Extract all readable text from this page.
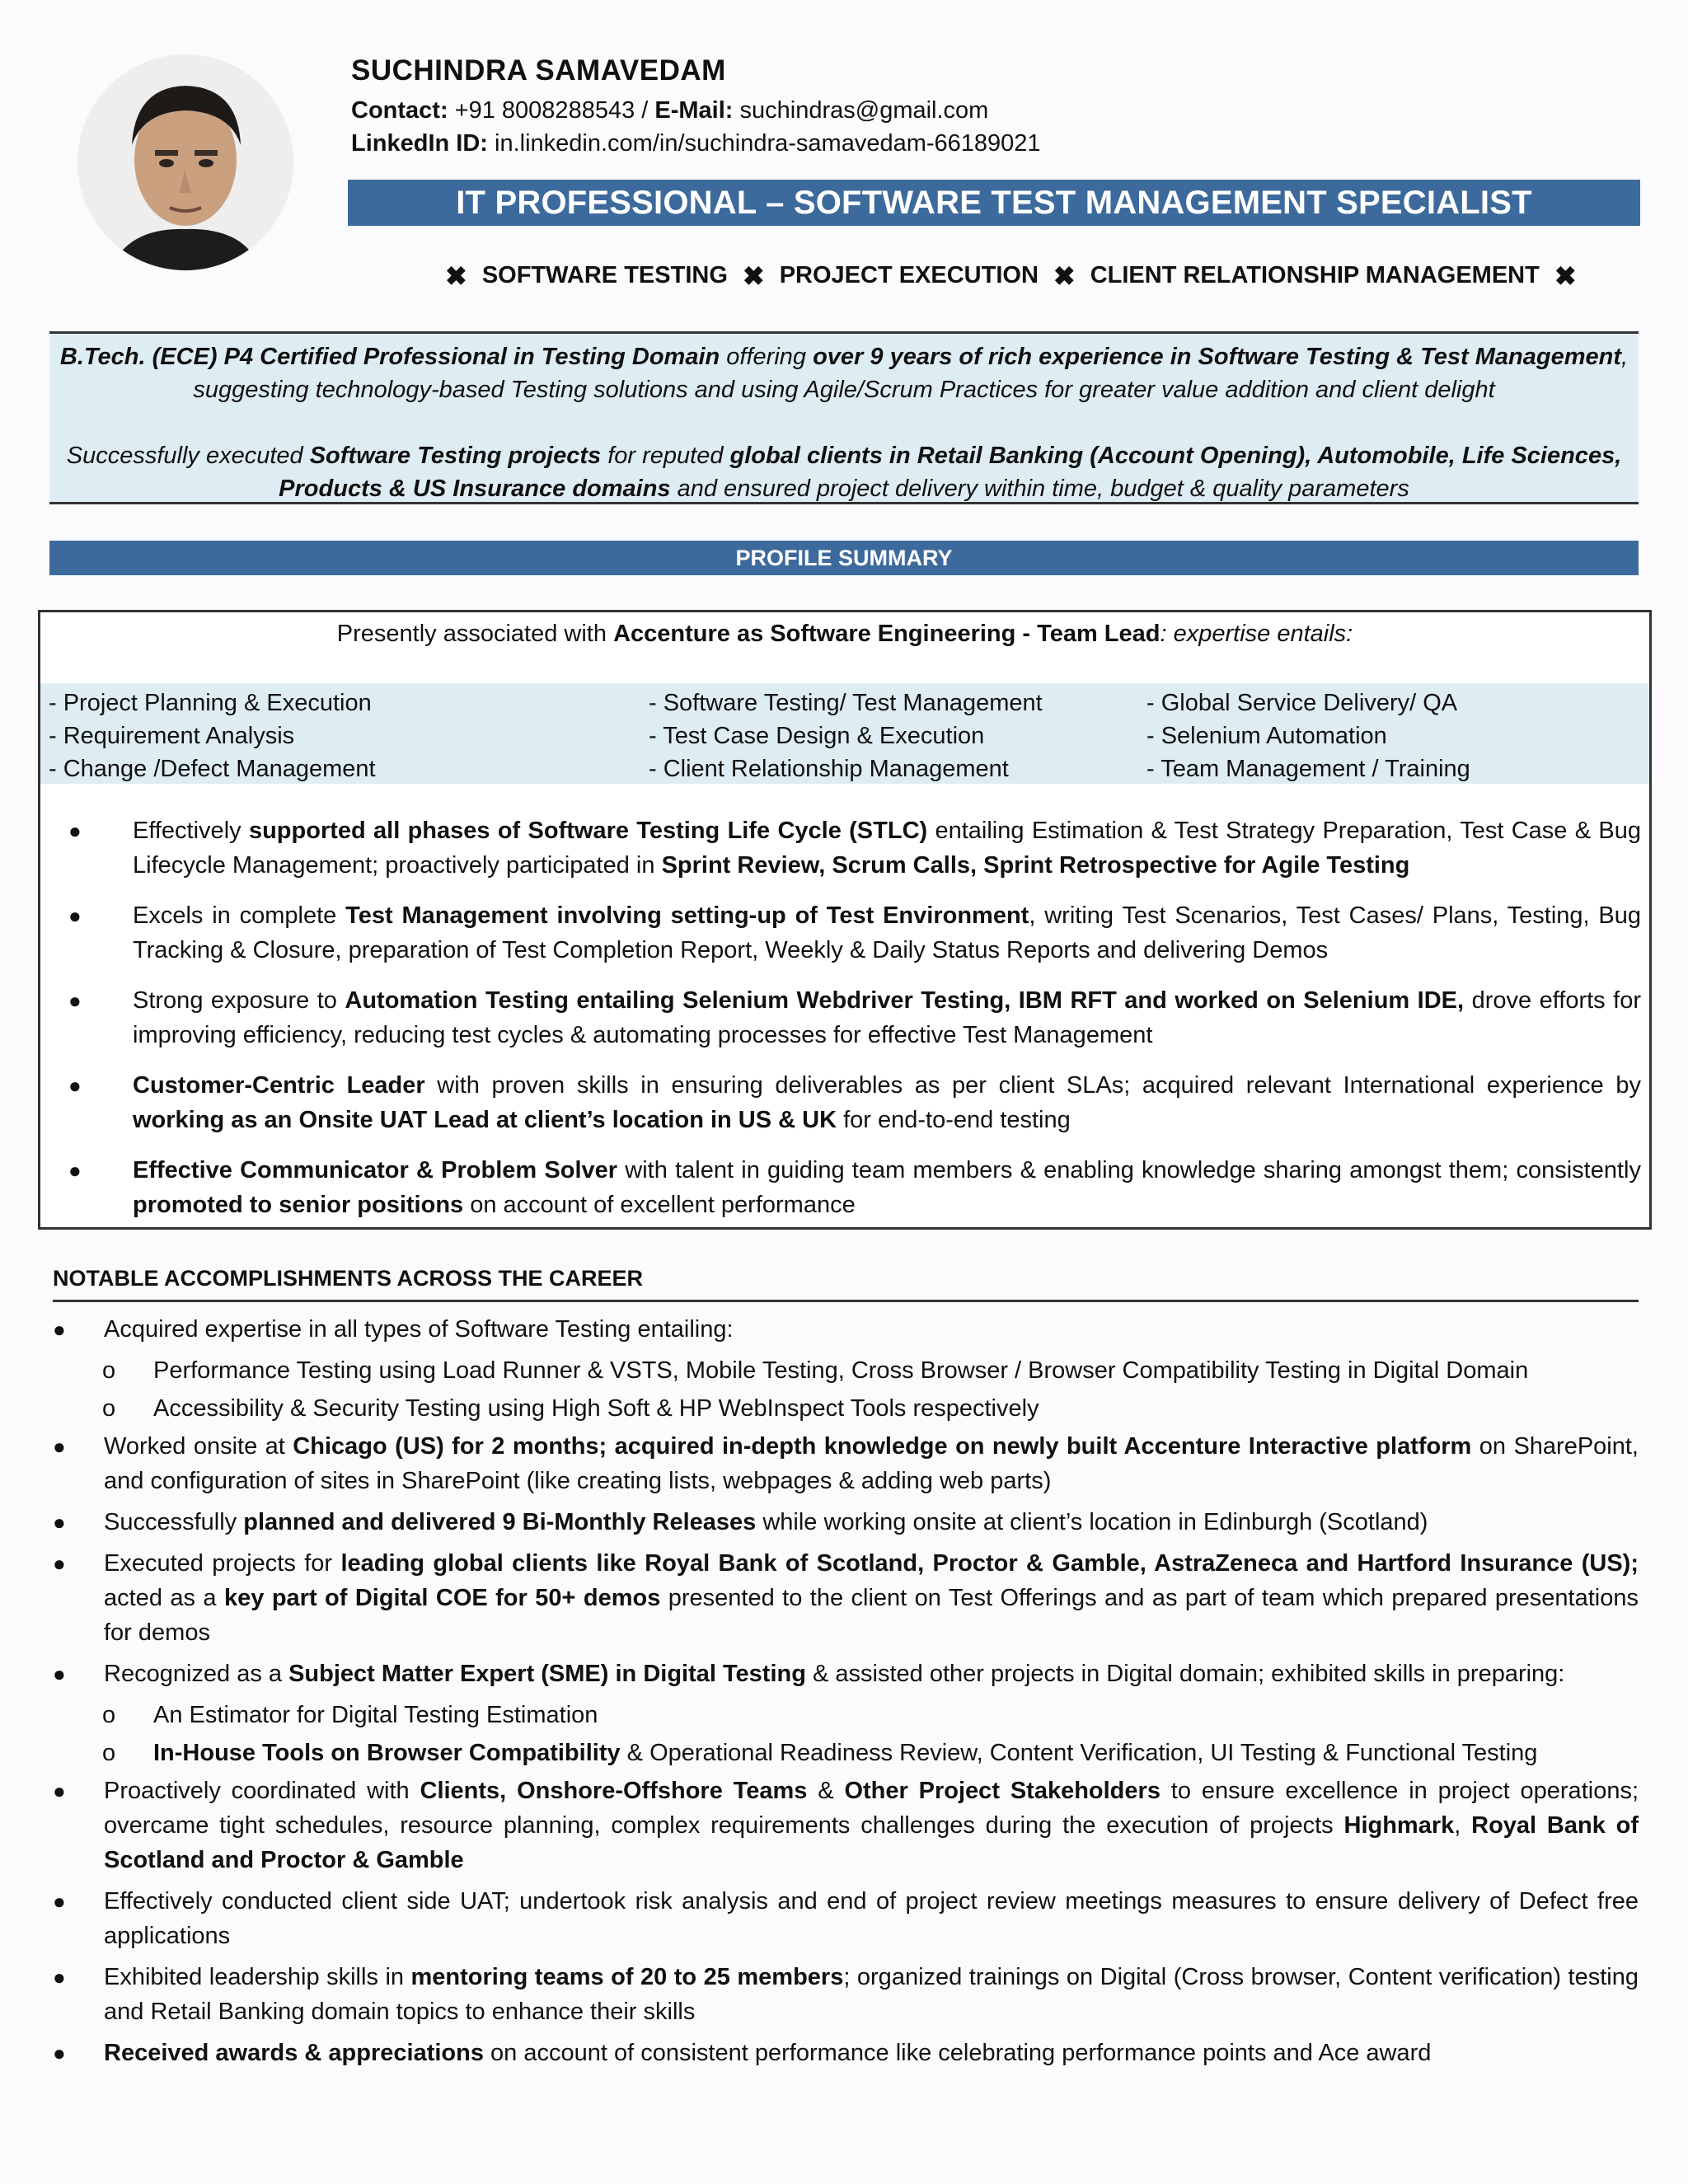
SUCHINDRA SAMAVEDAM
Contact: +91 8008288543 / E-Mail: suchindras@gmail.com
LinkedIn ID: in.linkedin.com/in/suchindra-samavedam-66189021
IT PROFESSIONAL – SOFTWARE TEST MANAGEMENT SPECIALIST
✖ SOFTWARE TESTING ✖ PROJECT EXECUTION ✖ CLIENT RELATIONSHIP MANAGEMENT ✖

B.Tech. (ECE) P4 Certified Professional in Testing Domain offering over 9 years of rich experience in Software Testing & Test Management, suggesting technology-based Testing solutions and using Agile/Scrum Practices for greater value addition and client delight

Successfully executed Software Testing projects for reputed global clients in Retail Banking (Account Opening), Automobile, Life Sciences, Products & US Insurance domains and ensured project delivery within time, budget & quality parameters

PROFILE SUMMARY
Presently associated with Accenture as Software Engineering - Team Lead: expertise entails:
- Project Planning & Execution
- Requirement Analysis
- Change /Defect Management
- Software Testing/ Test Management
- Test Case Design & Execution
- Client Relationship Management
- Global Service Delivery/ QA
- Selenium Automation
- Team Management / Training
● Effectively supported all phases of Software Testing Life Cycle (STLC) entailing Estimation & Test Strategy Preparation, Test Case & Bug Lifecycle Management; proactively participated in Sprint Review, Scrum Calls, Sprint Retrospective for Agile Testing
● Excels in complete Test Management involving setting-up of Test Environment, writing Test Scenarios, Test Cases/ Plans, Testing, Bug Tracking & Closure, preparation of Test Completion Report, Weekly & Daily Status Reports and delivering Demos
● Strong exposure to Automation Testing entailing Selenium Webdriver Testing, IBM RFT and worked on Selenium IDE, drove efforts for improving efficiency, reducing test cycles & automating processes for effective Test Management
● Customer-Centric Leader with proven skills in ensuring deliverables as per client SLAs; acquired relevant International experience by working as an Onsite UAT Lead at client’s location in US & UK for end-to-end testing
● Effective Communicator & Problem Solver with talent in guiding team members & enabling knowledge sharing amongst them; consistently promoted to senior positions on account of excellent performance
NOTABLE ACCOMPLISHMENTS ACROSS THE CAREER
● Acquired expertise in all types of Software Testing entailing:
o Performance Testing using Load Runner & VSTS, Mobile Testing, Cross Browser / Browser Compatibility Testing in Digital Domain
o Accessibility & Security Testing using High Soft & HP WebInspect Tools respectively
● Worked onsite at Chicago (US) for 2 months; acquired in-depth knowledge on newly built Accenture Interactive platform on SharePoint, and configuration of sites in SharePoint (like creating lists, webpages & adding web parts)
● Successfully planned and delivered 9 Bi-Monthly Releases while working onsite at client’s location in Edinburgh (Scotland)
● Executed projects for leading global clients like Royal Bank of Scotland, Proctor & Gamble, AstraZeneca and Hartford Insurance (US); acted as a key part of Digital COE for 50+ demos presented to the client on Test Offerings and as part of team which prepared presentations for demos
● Recognized as a Subject Matter Expert (SME) in Digital Testing & assisted other projects in Digital domain; exhibited skills in preparing:
o An Estimator for Digital Testing Estimation
o In-House Tools on Browser Compatibility & Operational Readiness Review, Content Verification, UI Testing & Functional Testing
● Proactively coordinated with Clients, Onshore-Offshore Teams & Other Project Stakeholders to ensure excellence in project operations; overcame tight schedules, resource planning, complex requirements challenges during the execution of projects Highmark, Royal Bank of Scotland and Proctor & Gamble
● Effectively conducted client side UAT; undertook risk analysis and end of project review meetings measures to ensure delivery of Defect free applications
● Exhibited leadership skills in mentoring teams of 20 to 25 members; organized trainings on Digital (Cross browser, Content verification) testing and Retail Banking domain topics to enhance their skills
● Received awards & appreciations on account of consistent performance like celebrating performance points and Ace award
